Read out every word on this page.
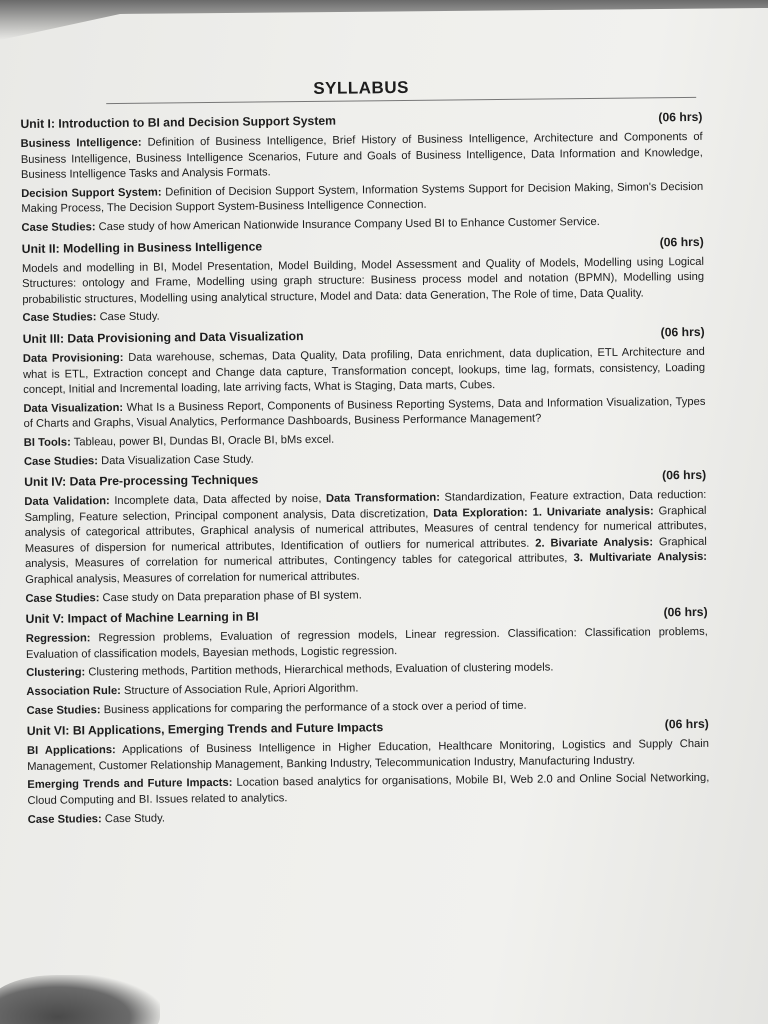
SYLLABUS
Unit I: Introduction to BI and Decision Support System	(06 hrs)

Business Intelligence: Definition of Business Intelligence, Brief History of Business Intelligence, Architecture and Components of Business Intelligence, Business Intelligence Scenarios, Future and Goals of Business Intelligence, Data Information and Knowledge, Business Intelligence Tasks and Analysis Formats.

Decision Support System: Definition of Decision Support System, Information Systems Support for Decision Making, Simon's Decision Making Process, The Decision Support System-Business Intelligence Connection.

Case Studies: Case study of how American Nationwide Insurance Company Used BI to Enhance Customer Service.

Unit II: Modelling in Business Intelligence	(06 hrs)

Models and modelling in BI, Model Presentation, Model Building, Model Assessment and Quality of Models, Modelling using Logical Structures: ontology and Frame, Modelling using graph structure: Business process model and notation (BPMN), Modelling using probabilistic structures, Modelling using analytical structure, Model and Data: data Generation, The Role of time, Data Quality.

Case Studies: Case Study.

Unit III: Data Provisioning and Data Visualization	(06 hrs)

Data Provisioning: Data warehouse, schemas, Data Quality, Data profiling, Data enrichment, data duplication, ETL Architecture and what is ETL, Extraction concept and Change data capture, Transformation concept, lookups, time lag, formats, consistency, Loading concept, Initial and Incremental loading, late arriving facts, What is Staging, Data marts, Cubes.

Data Visualization: What Is a Business Report, Components of Business Reporting Systems, Data and Information Visualization, Types of Charts and Graphs, Visual Analytics, Performance Dashboards, Business Performance Management?

BI Tools: Tableau, power BI, Dundas BI, Oracle BI, bMs excel.

Case Studies: Data Visualization Case Study.

Unit IV: Data Pre-processing Techniques	(06 hrs)

Data Validation: Incomplete data, Data affected by noise, Data Transformation: Standardization, Feature extraction, Data reduction: Sampling, Feature selection, Principal component analysis, Data discretization, Data Exploration: 1. Univariate analysis: Graphical analysis of categorical attributes, Graphical analysis of numerical attributes, Measures of central tendency for numerical attributes, Measures of dispersion for numerical attributes, Identification of outliers for numerical attributes. 2. Bivariate Analysis: Graphical analysis, Measures of correlation for numerical attributes, Contingency tables for categorical attributes, 3. Multivariate Analysis: Graphical analysis, Measures of correlation for numerical attributes.

Case Studies: Case study on Data preparation phase of BI system.

Unit V: Impact of Machine Learning in BI	(06 hrs)

Regression: Regression problems, Evaluation of regression models, Linear regression. Classification: Classification problems, Evaluation of classification models, Bayesian methods, Logistic regression.

Clustering: Clustering methods, Partition methods, Hierarchical methods, Evaluation of clustering models.

Association Rule: Structure of Association Rule, Apriori Algorithm.

Case Studies: Business applications for comparing the performance of a stock over a period of time.

Unit VI: BI Applications, Emerging Trends and Future Impacts	(06 hrs)

BI Applications: Applications of Business Intelligence in Higher Education, Healthcare Monitoring, Logistics and Supply Chain Management, Customer Relationship Management, Banking Industry, Telecommunication Industry, Manufacturing Industry.

Emerging Trends and Future Impacts: Location based analytics for organisations, Mobile BI, Web 2.0 and Online Social Networking, Cloud Computing and BI. Issues related to analytics.

Case Studies: Case Study.
